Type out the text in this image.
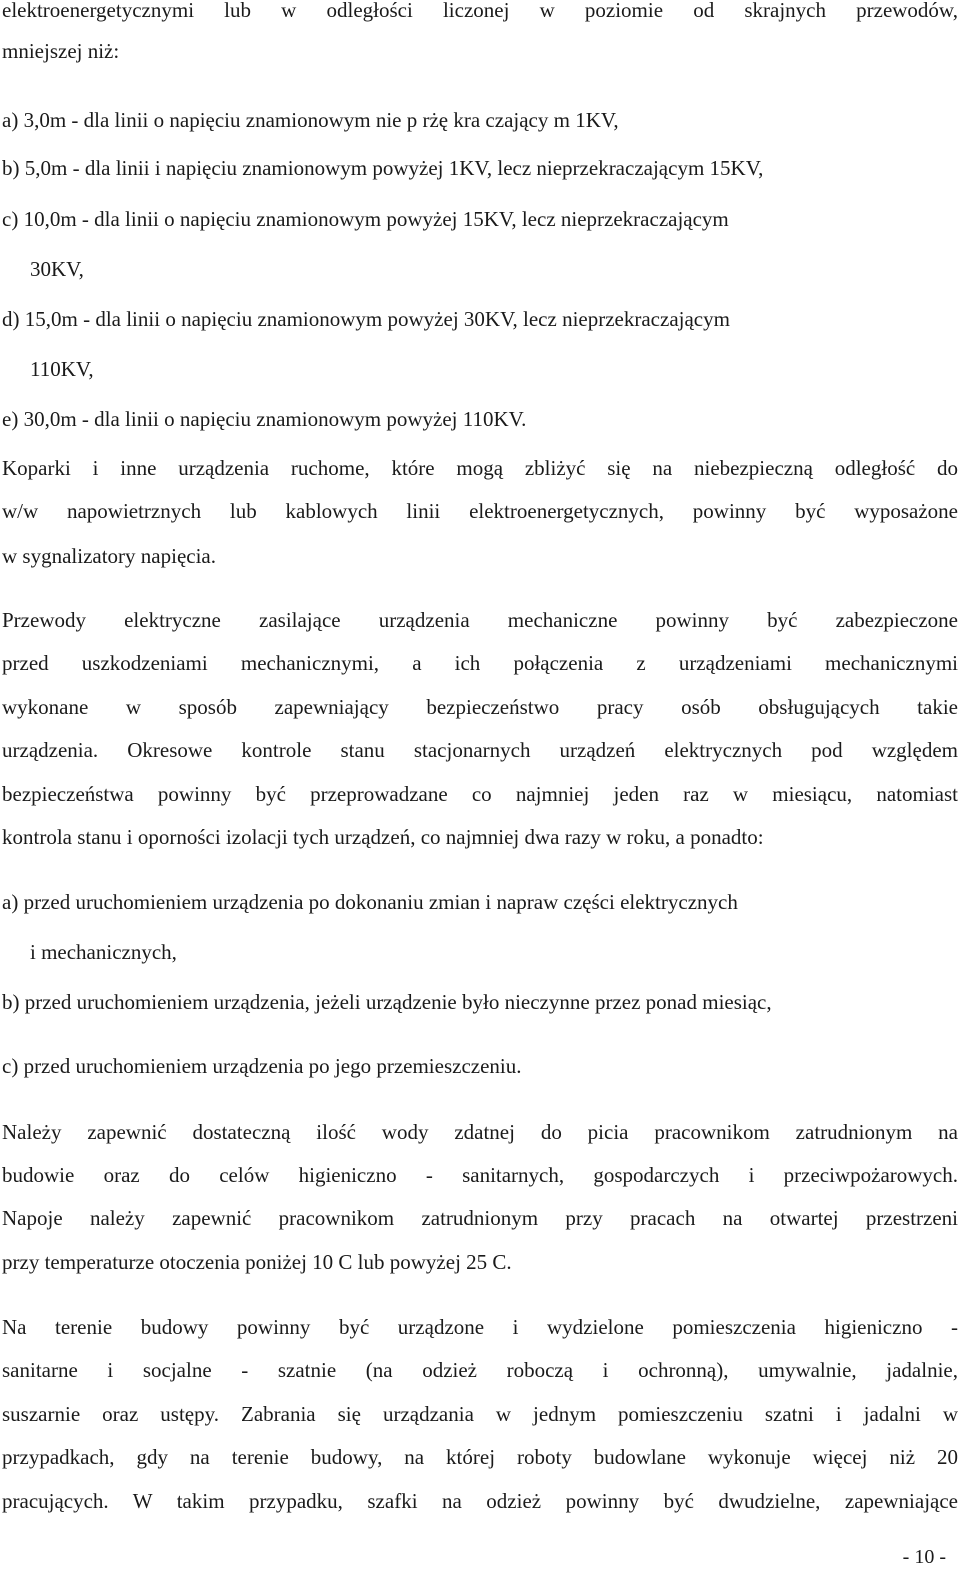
elektroenergetycznymi lub w odległości liczonej w poziomie od skrajnych przewodów,
mniejszej niż:
a) 3,0m - dla linii o napięciu znamionowym nie p rżę kra czający m 1KV,
b) 5,0m - dla linii i napięciu znamionowym powyżej 1KV, lecz nieprzekraczającym 15KV,
c) 10,0m - dla linii o napięciu znamionowym powyżej 15KV, lecz nieprzekraczającym
30KV,
d) 15,0m - dla linii o napięciu znamionowym powyżej 30KV, lecz nieprzekraczającym
110KV,
e) 30,0m - dla linii o napięciu znamionowym powyżej 110KV.
Koparki i inne urządzenia ruchome, które mogą zbliżyć się na niebezpieczną odległość do
w/w napowietrznych lub kablowych linii elektroenergetycznych, powinny być wyposażone
w sygnalizatory napięcia.
Przewody elektryczne zasilające urządzenia mechaniczne powinny być zabezpieczone
przed uszkodzeniami mechanicznymi, a ich połączenia z urządzeniami mechanicznymi
wykonane w sposób zapewniający bezpieczeństwo pracy osób obsługujących takie
urządzenia. Okresowe kontrole stanu stacjonarnych urządzeń elektrycznych pod względem
bezpieczeństwa powinny być przeprowadzane co najmniej jeden raz w miesiącu, natomiast
kontrola stanu i oporności izolacji tych urządzeń, co najmniej dwa razy w roku, a ponadto:
a) przed uruchomieniem urządzenia po dokonaniu zmian i napraw części elektrycznych
i mechanicznych,
b) przed uruchomieniem urządzenia, jeżeli urządzenie było nieczynne przez ponad miesiąc,
c) przed uruchomieniem urządzenia po jego przemieszczeniu.
Należy zapewnić dostateczną ilość wody zdatnej do picia pracownikom zatrudnionym na
budowie oraz do celów higieniczno - sanitarnych, gospodarczych i przeciwpożarowych.
Napoje należy zapewnić pracownikom zatrudnionym przy pracach na otwartej przestrzeni
przy temperaturze otoczenia poniżej 10 C lub powyżej 25 C.
Na terenie budowy powinny być urządzone i wydzielone pomieszczenia higieniczno -
sanitarne i socjalne - szatnie (na odzież roboczą i ochronną), umywalnie, jadalnie,
suszarnie oraz ustępy. Zabrania się urządzania w jednym pomieszczeniu szatni i jadalni w
przypadkach, gdy na terenie budowy, na której roboty budowlane wykonuje więcej niż 20
pracujących. W takim przypadku, szafki na odzież powinny być dwudzielne, zapewniające
- 10 -
